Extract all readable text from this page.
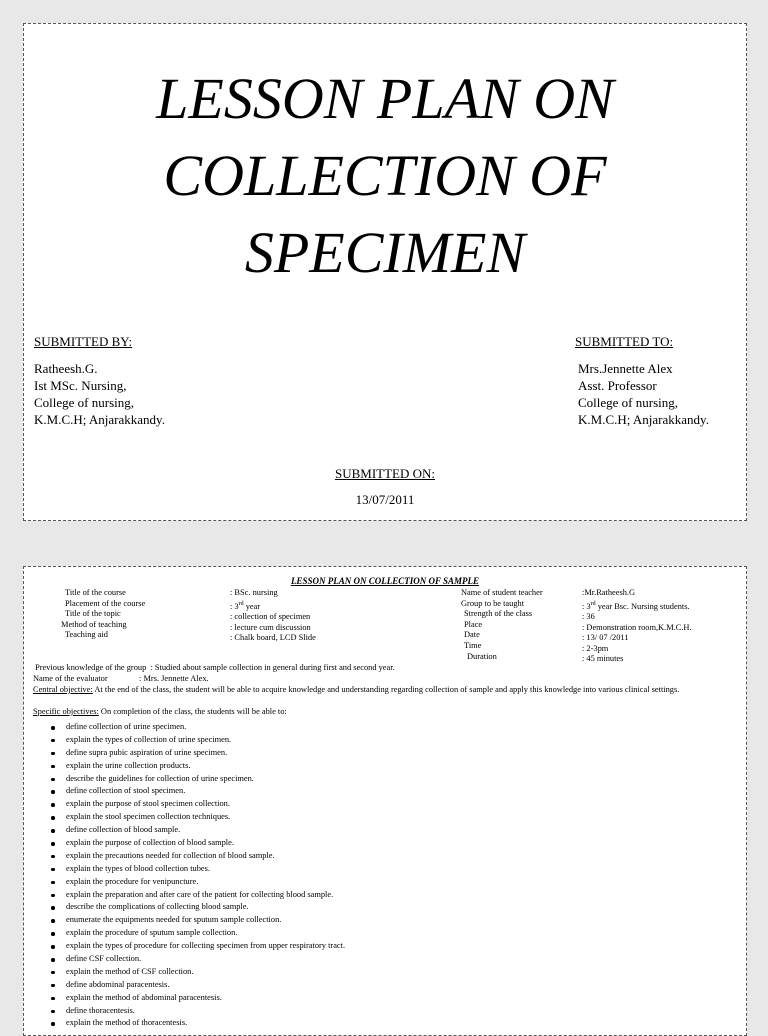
LESSON PLAN ON
COLLECTION OF
SPECIMEN
SUBMITTED BY:
Ratheesh.G.
Ist MSc. Nursing,
College of nursing,
K.M.C.H; Anjarakkandy.
SUBMITTED TO:
Mrs.Jennette Alex
Asst. Professor
College of nursing,
K.M.C.H; Anjarakkandy.
SUBMITTED ON:
13/07/2011
LESSON PLAN ON COLLECTION OF SAMPLE
Title of the course
Placement of the course
Title of the topic
Method of teaching
Teaching aid
: BSc. nursing
: 3rd year
: collection of specimen
: lecture cum discussion
: Chalk board, LCD Slide
Name of student teacher
Group to be taught
Strength of the class
Place
Date
Time
Duration
:Mr.Ratheesh.G
: 3rd year Bsc. Nursing students.
: 36
: Demonstration room,K.M.C.H.
: 13/ 07 /2011
: 2-3pm
: 45 minutes
Previous knowledge of the group  : Studied about sample collection in general during first and second year.
Name of the evaluator               : Mrs. Jennette Alex.
Central objective: At the end of the class, the student will be able to acquire knowledge and understanding regarding collection of sample and apply this knowledge into various clinical settings.
Specific objectives: On completion of the class, the students will be able to:
define collection of urine specimen.
explain the types of collection of urine specimen.
define supra pubic aspiration of urine specimen.
explain the urine collection products.
describe the guidelines for collection of urine specimen.
define collection of stool specimen.
explain the purpose of stool specimen collection.
explain the stool specimen collection techniques.
define collection of blood sample.
explain the purpose of collection of blood sample.
explain the precautions needed for collection of blood sample.
explain the types of blood collection tubes.
explain the procedure for venipuncture.
explain the preparation and after care of the patient for collecting blood sample.
describe the complications of collecting blood sample.
enumerate the equipments needed for sputum sample collection.
explain the procedure of sputum sample collection.
explain the types of procedure for collecting specimen from upper respiratory tract.
define CSF collection.
explain the method of CSF collection.
define abdominal paracentesis.
explain the method of abdominal paracentesis.
define thoracentesis.
explain the method of thoracentesis.
